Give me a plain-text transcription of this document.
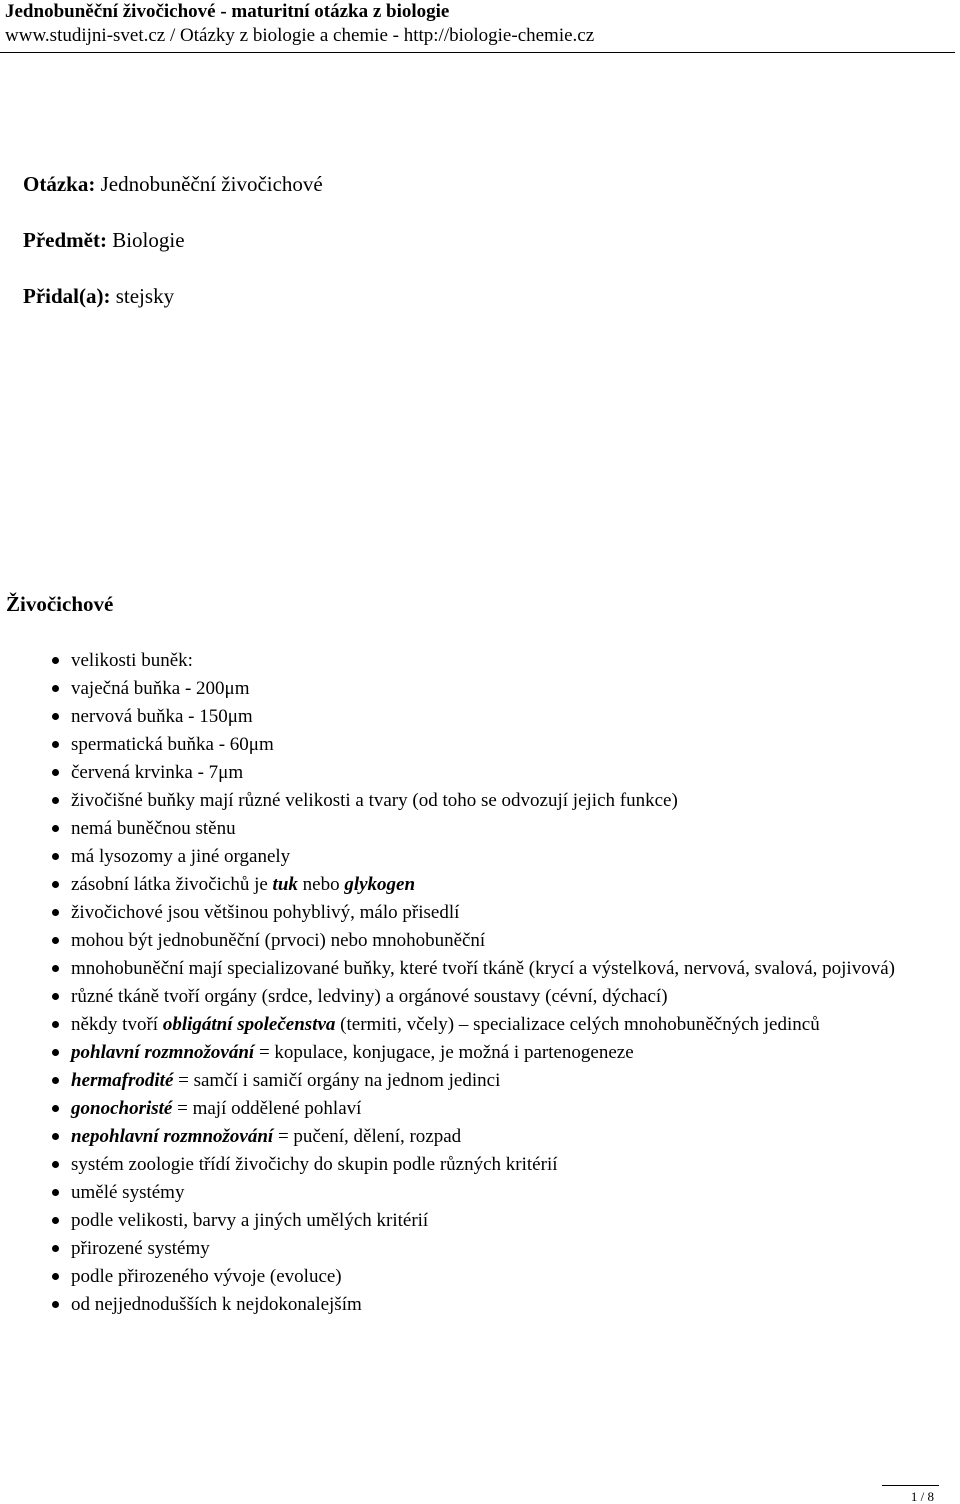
Jednobuněční živočichové - maturitní otázka z biologie
www.studijni-svet.cz / Otázky z biologie a chemie - http://biologie-chemie.cz
Otázka: Jednobuněční živočichové
Předmět: Biologie
Přidal(a): stejsky
Živočichové
velikosti buněk:
vaječná buňka - 200μm
nervová buňka - 150μm
spermatická buňka - 60μm
červená krvinka - 7μm
živočišné buňky mají různé velikosti a tvary (od toho se odvozují jejich funkce)
nemá buněčnou stěnu
má lysozomy a jiné organely
zásobní látka živočichů je tuk nebo glykogen
živočichové jsou většinou pohyblivý, málo přisedlí
mohou být jednobuněční (prvoci) nebo mnohobuněční
mnohobuněční mají specializované buňky, které tvoří tkáně (krycí a výstelková, nervová, svalová, pojivová)
různé tkáně tvoří orgány (srdce, ledviny) a orgánové soustavy (cévní, dýchací)
někdy tvoří obligátní společenstva (termiti, včely) – specializace celých mnohobuněčných jedinců
pohlavní rozmnožování = kopulace, konjugace, je možná i partenogeneze
hermafrodité = samčí i samičí orgány na jednom jedinci
gonochoristé = mají oddělené pohlaví
nepohlavní rozmnožování = pučení, dělení, rozpad
systém zoologie třídí živočichy do skupin podle různých kritérií
umělé systémy
podle velikosti, barvy a jiných umělých kritérií
přirozené systémy
podle přirozeného vývoje (evoluce)
od nejjednodušších k nejdokonalejším
1 / 8
